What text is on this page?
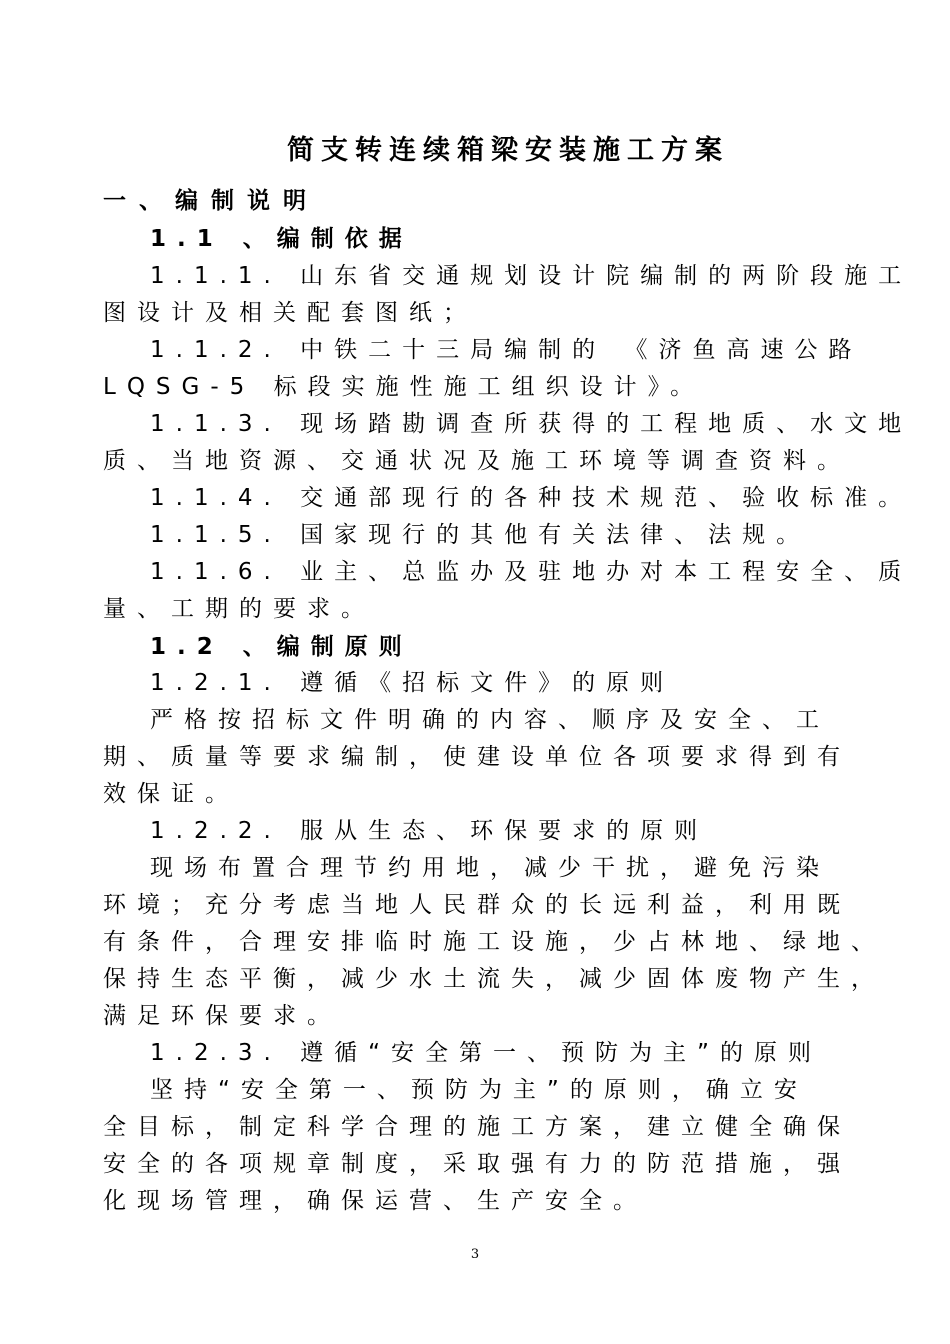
简支转连续箱梁安装施工方案
一、编制说明
1.1 、编制依据
1.1.1. 山东省交通规划设计院编制的两阶段施工
图设计及相关配套图纸；
1.1.2. 中铁二十三局编制的 《济鱼高速公路
LQSG-5 标段实施性施工组织设计》。
1.1.3. 现场踏勘调查所获得的工程地质、水文地
质、当地资源、交通状况及施工环境等调查资料。
1.1.4. 交通部现行的各种技术规范、验收标准。
1.1.5. 国家现行的其他有关法律、法规。
1.1.6. 业主、总监办及驻地办对本工程安全、质
量、工期的要求。
1.2 、编制原则
1.2.1. 遵循《招标文件》的原则
严格按招标文件明确的内容、顺序及安全、工
期、质量等要求编制，使建设单位各项要求得到有
效保证。
1.2.2. 服从生态、环保要求的原则
现场布置合理节约用地，减少干扰，避免污染
环境；充分考虑当地人民群众的长远利益，利用既
有条件，合理安排临时施工设施，少占林地、绿地、
保持生态平衡，减少水土流失，减少固体废物产生，
满足环保要求。
1.2.3. 遵循“安全第一、预防为主”的原则
坚持“安全第一、预防为主”的原则，确立安
全目标，制定科学合理的施工方案，建立健全确保
安全的各项规章制度，采取强有力的防范措施，强
化现场管理，确保运营、生产安全。
3
